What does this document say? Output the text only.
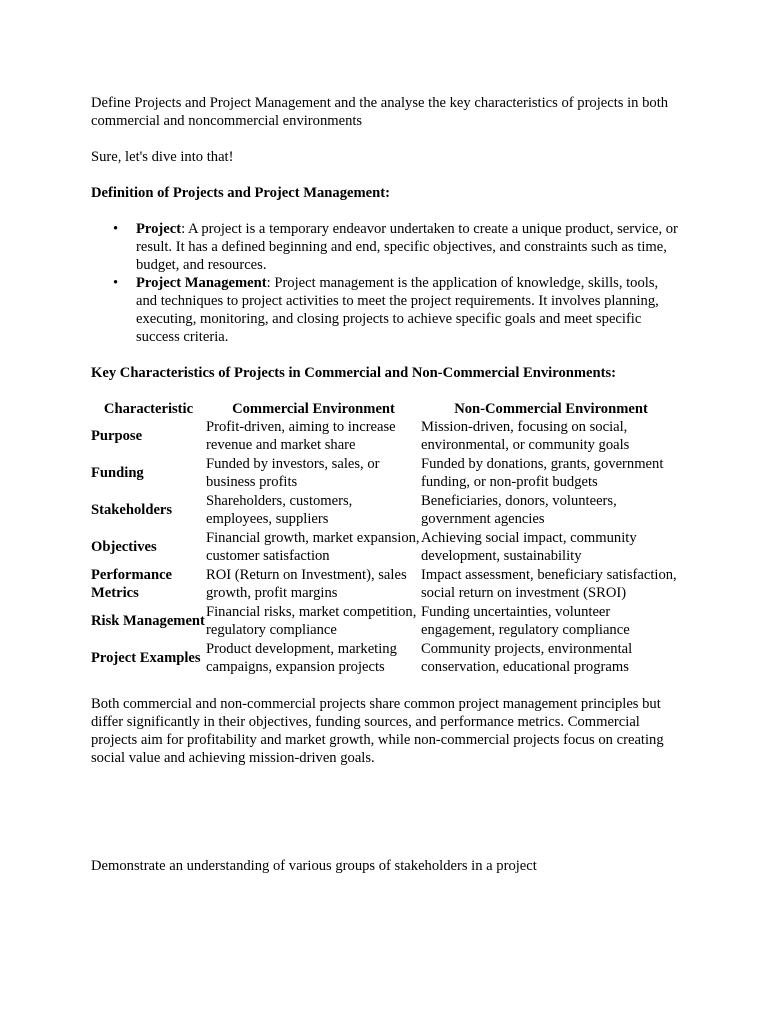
Define Projects and Project Management and the analyse the key characteristics of projects in both commercial and noncommercial environments

Sure, let's dive into that!

Definition of Projects and Project Management:

• Project: A project is a temporary endeavor undertaken to create a unique product, service, or result. It has a defined beginning and end, specific objectives, and constraints such as time, budget, and resources.
• Project Management: Project management is the application of knowledge, skills, tools, and techniques to project activities to meet the project requirements. It involves planning, executing, monitoring, and closing projects to achieve specific goals and meet specific success criteria.

Key Characteristics of Projects in Commercial and Non-Commercial Environments:

Characteristic	Commercial Environment	Non-Commercial Environment
Purpose	Profit-driven, aiming to increase revenue and market share	Mission-driven, focusing on social, environmental, or community goals
Funding	Funded by investors, sales, or business profits	Funded by donations, grants, government funding, or non-profit budgets
Stakeholders	Shareholders, customers, employees, suppliers	Beneficiaries, donors, volunteers, government agencies
Objectives	Financial growth, market expansion, customer satisfaction	Achieving social impact, community development, sustainability
Performance Metrics	ROI (Return on Investment), sales growth, profit margins	Impact assessment, beneficiary satisfaction, social return on investment (SROI)
Risk Management	Financial risks, market competition, regulatory compliance	Funding uncertainties, volunteer engagement, regulatory compliance
Project Examples	Product development, marketing campaigns, expansion projects	Community projects, environmental conservation, educational programs

Both commercial and non-commercial projects share common project management principles but differ significantly in their objectives, funding sources, and performance metrics. Commercial projects aim for profitability and market growth, while non-commercial projects focus on creating social value and achieving mission-driven goals.

Demonstrate an understanding of various groups of stakeholders in a project
